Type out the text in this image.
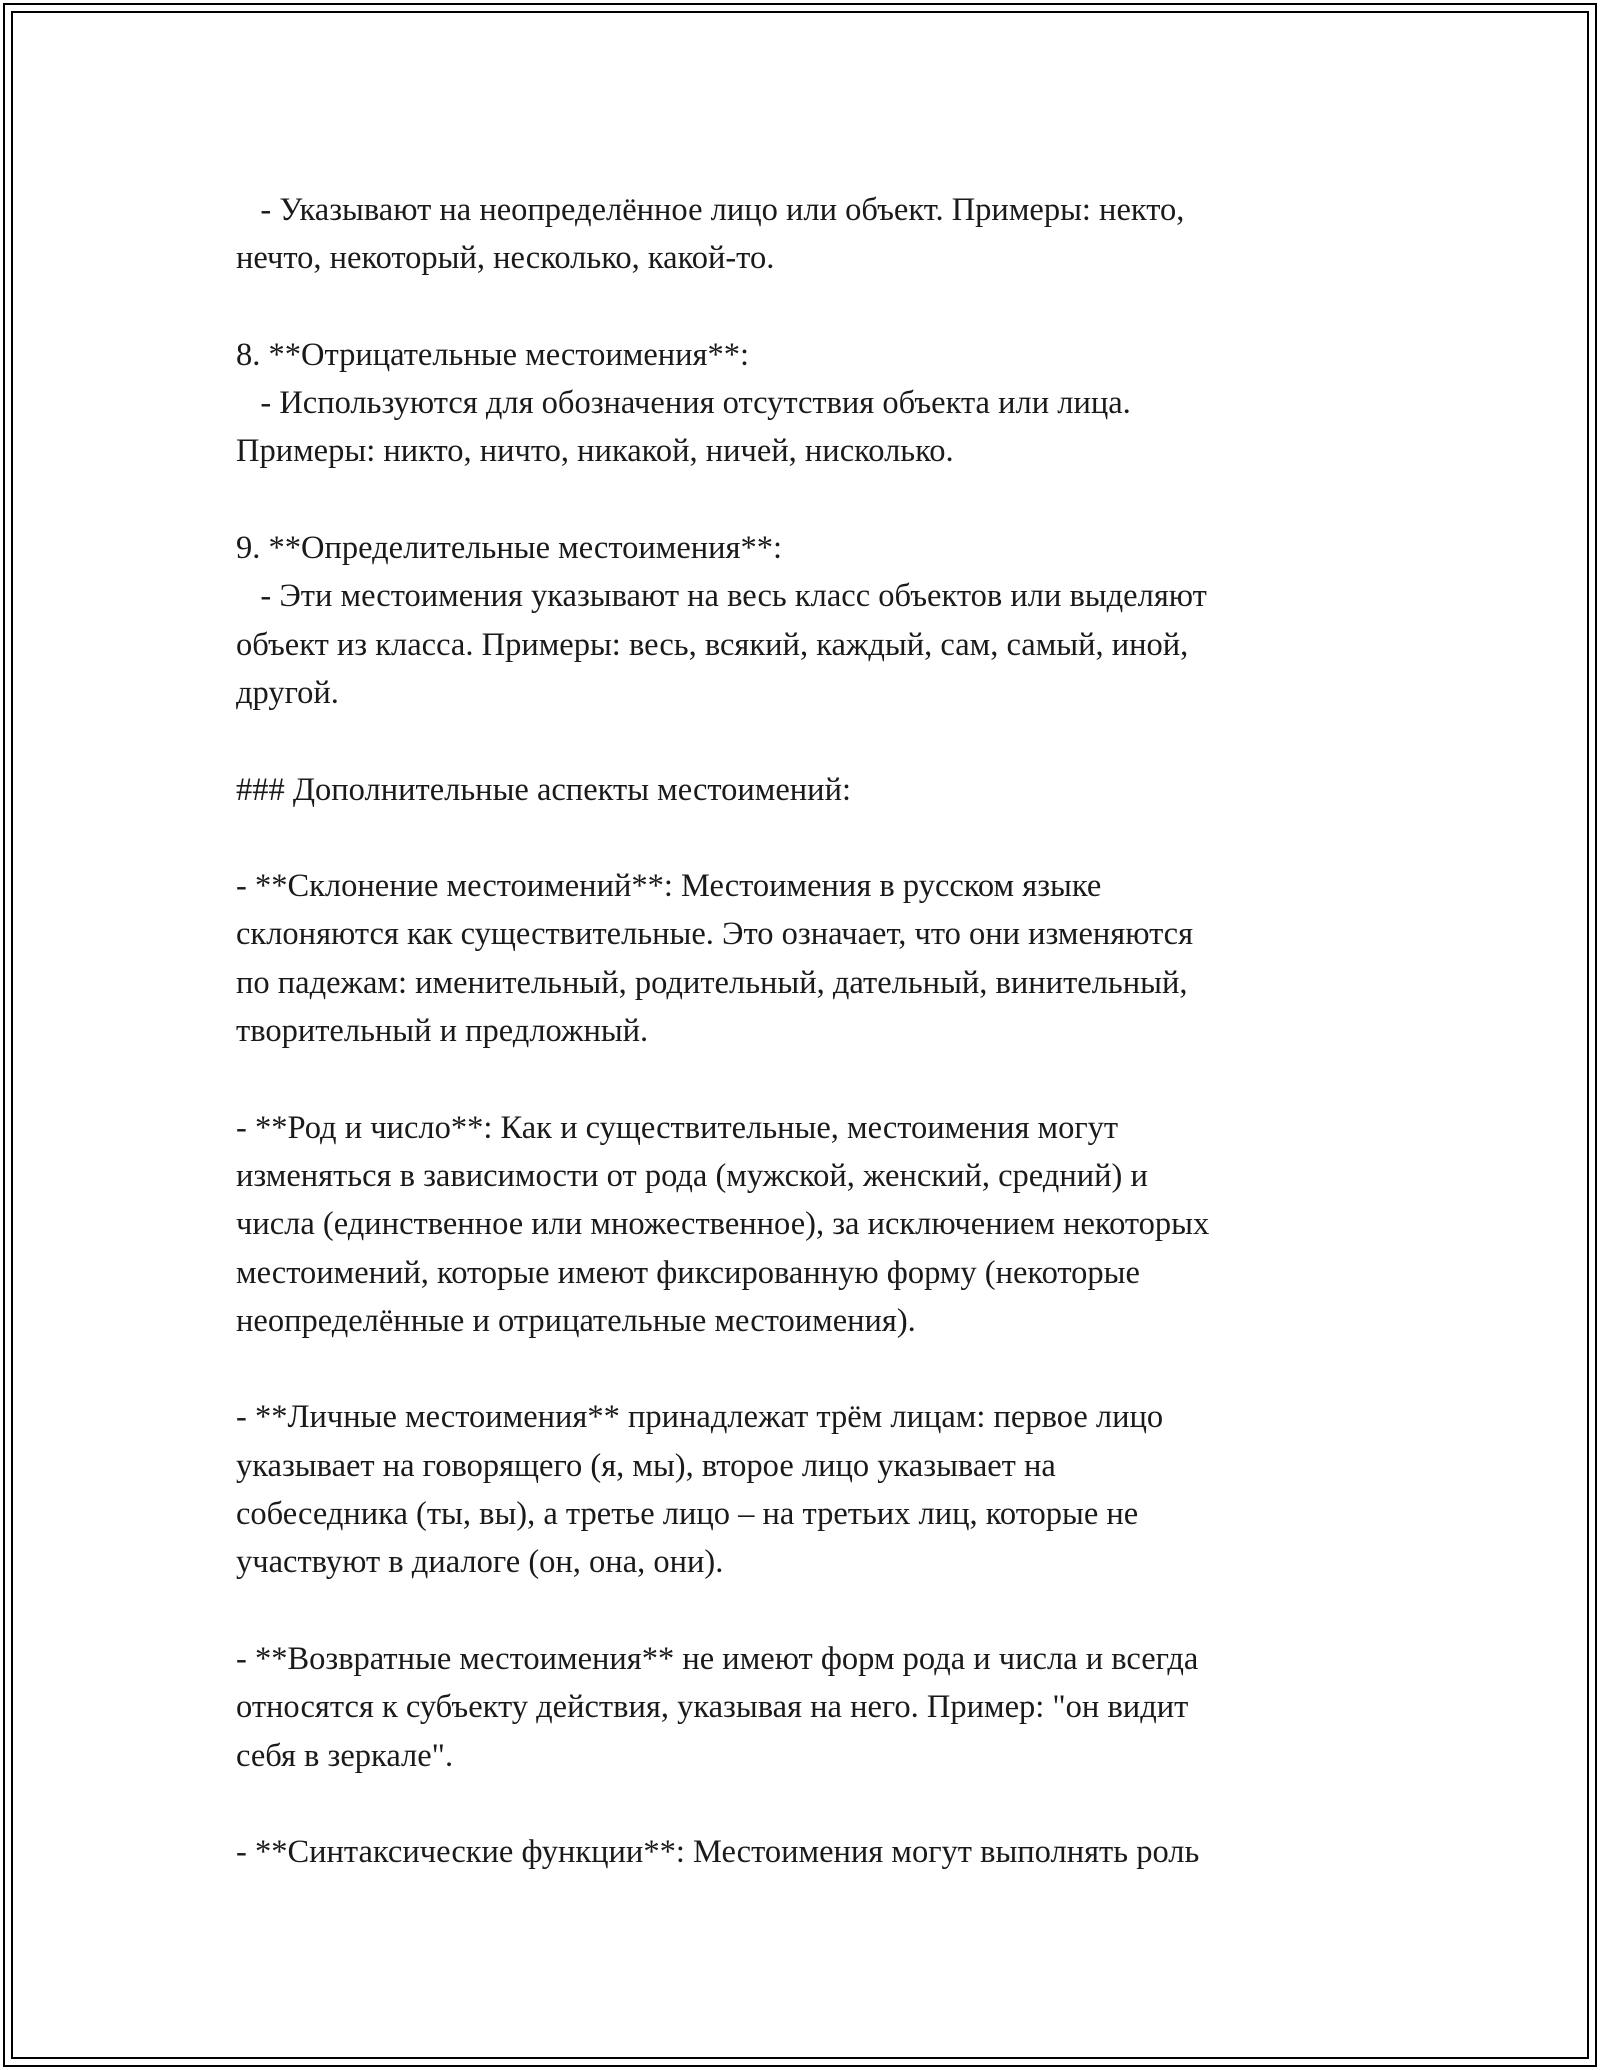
- Указывают на неопределённое лицо или объект. Примеры: некто,
нечто, некоторый, несколько, какой-то.
8. **Отрицательные местоимения**:
- Используются для обозначения отсутствия объекта или лица.
Примеры: никто, ничто, никакой, ничей, нисколько.
9. **Определительные местоимения**:
- Эти местоимения указывают на весь класс объектов или выделяют
объект из класса. Примеры: весь, всякий, каждый, сам, самый, иной,
другой.
### Дополнительные аспекты местоимений:
- **Склонение местоимений**: Местоимения в русском языке
склоняются как существительные. Это означает, что они изменяются
по падежам: именительный, родительный, дательный, винительный,
творительный и предложный.
- **Род и число**: Как и существительные, местоимения могут
изменяться в зависимости от рода (мужской, женский, средний) и
числа (единственное или множественное), за исключением некоторых
местоимений, которые имеют фиксированную форму (некоторые
неопределённые и отрицательные местоимения).
- **Личные местоимения** принадлежат трём лицам: первое лицо
указывает на говорящего (я, мы), второе лицо указывает на
собеседника (ты, вы), а третье лицо – на третьих лиц, которые не
участвуют в диалоге (он, она, они).
- **Возвратные местоимения** не имеют форм рода и числа и всегда
относятся к субъекту действия, указывая на него. Пример: "он видит
себя в зеркале".
- **Синтаксические функции**: Местоимения могут выполнять роль
